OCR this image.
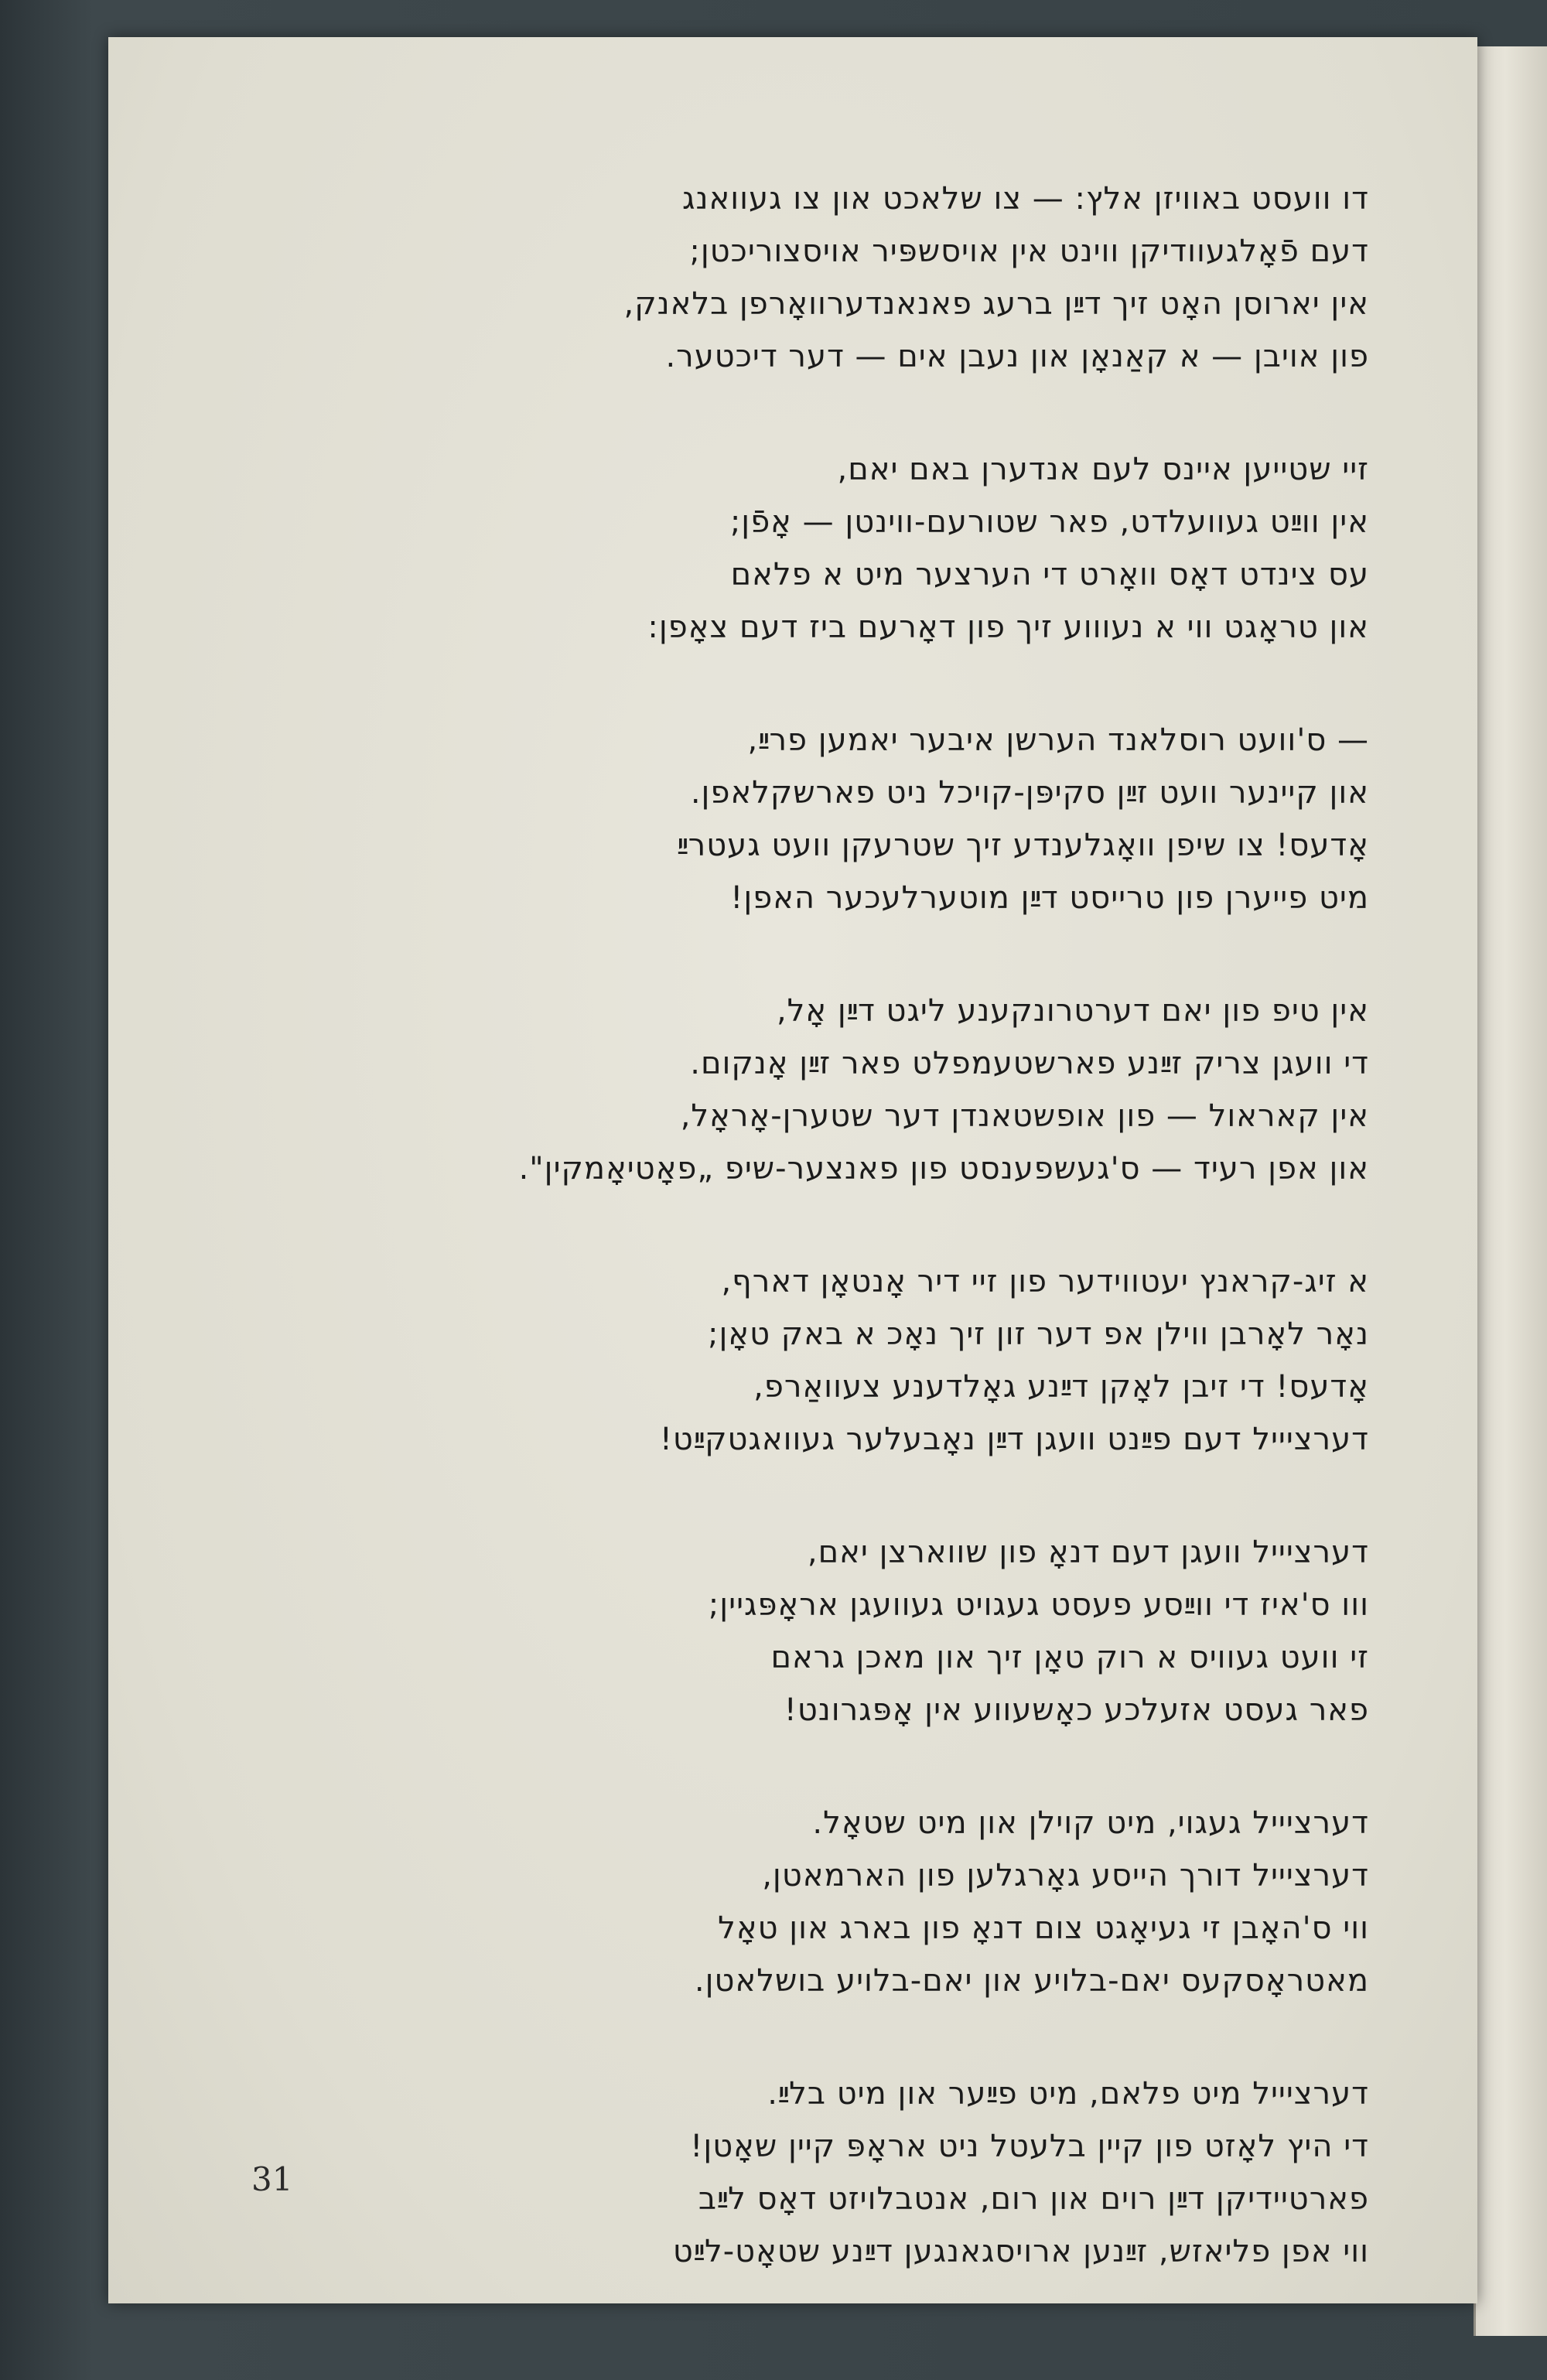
דו וועסט באוויזן אלץ: — צו שלאכט און צו געוואנג
דעם פֿאָלגעוודיקן ווינט אין אויסשפּיר אויסצוריכטן;
אין יארוסן האָט זיך דײַן ברעג פאנאנדערוואָרפן בלאנק,
פון אויבן — א קאַנאָן און נעבן אים — דער דיכטער.
זיי שטייען איינס לעם אנדערן באם יאם,
אין ווײַט געוועלדט, פאר שטורעם-ווינטן — אָפֿן;
עס צינדט דאָס וואָרט די הערצער מיט א פלאם
און טראָגט ווי א נעוווע זיך פון דאָרעם ביז דעם צאָפן:
— ס'וועט רוסלאנד הערשן איבער יאמען פרײַ,
און קיינער וועט זײַן סקיפּן-קויכל ניט פארשקלאפן.
אָדעס! צו שיפן וואָגלענדע זיך שטרעקן וועט געטרײַ
מיט פייערן פון טרייסט דײַן מוטערלעכער האפן!
אין טיפ פון יאם דערטרונקענע ליגט דײַן אָל,
די וועגן צריק זײַנע פארשטעמפלט פאר זײַן אָנקום.
אין קאראול — פון אופשטאנדן דער שטערן-אָראָל,
און אפן רעיד — ס'געשפענסט פון פאנצער-שיפ „פאָטיאָמקין".
א זיג-קראנץ יעטווידער פון זיי דיר אָנטאָן דארף,
נאָר לאָרבן ווילן אפ דער זון זיך נאָכ א באק טאָן;
אָדעס! די זיבן לאָקן דײַנע גאָלדענע צעוואַרפ,
דערציייל דעם פײַנט וועגן דײַן נאָבעלער געוואגטקײַט!
דערציייל וועגן דעם דנאָ פון שווארצן יאם,
ווו ס'איז די ווײַסע פעסט געגויט געוועגן אראָפּגיין;
זי וועט געוויס א רוק טאָן זיך און מאכן גראם
פאר געסט אזעלכע כאָשעווע אין אָפּגרונט!
דערציייל געגוי, מיט קוילן און מיט שטאָל.
דערציייל דורך הייסע גאָרגלען פון הארמאטן,
ווי ס'האָבן זי געיאָגט צום דנאָ פון בארג און טאָל
מאטראָסקעס יאם-בלויע און יאם-בלויע בושלאטן.
דערציייל מיט פלאם, מיט פײַער און מיט בלײַ.
די היץ לאָזט פון קיין בלעטל ניט אראָפּ קיין שאָטן!
פארטיידיקן דײַן רוים און רום, אנטבלויזט דאָס לײַב
ווי אפן פליאזש, זײַנען ארויסגאנגען דײַנע שטאָט-לײַט
31
